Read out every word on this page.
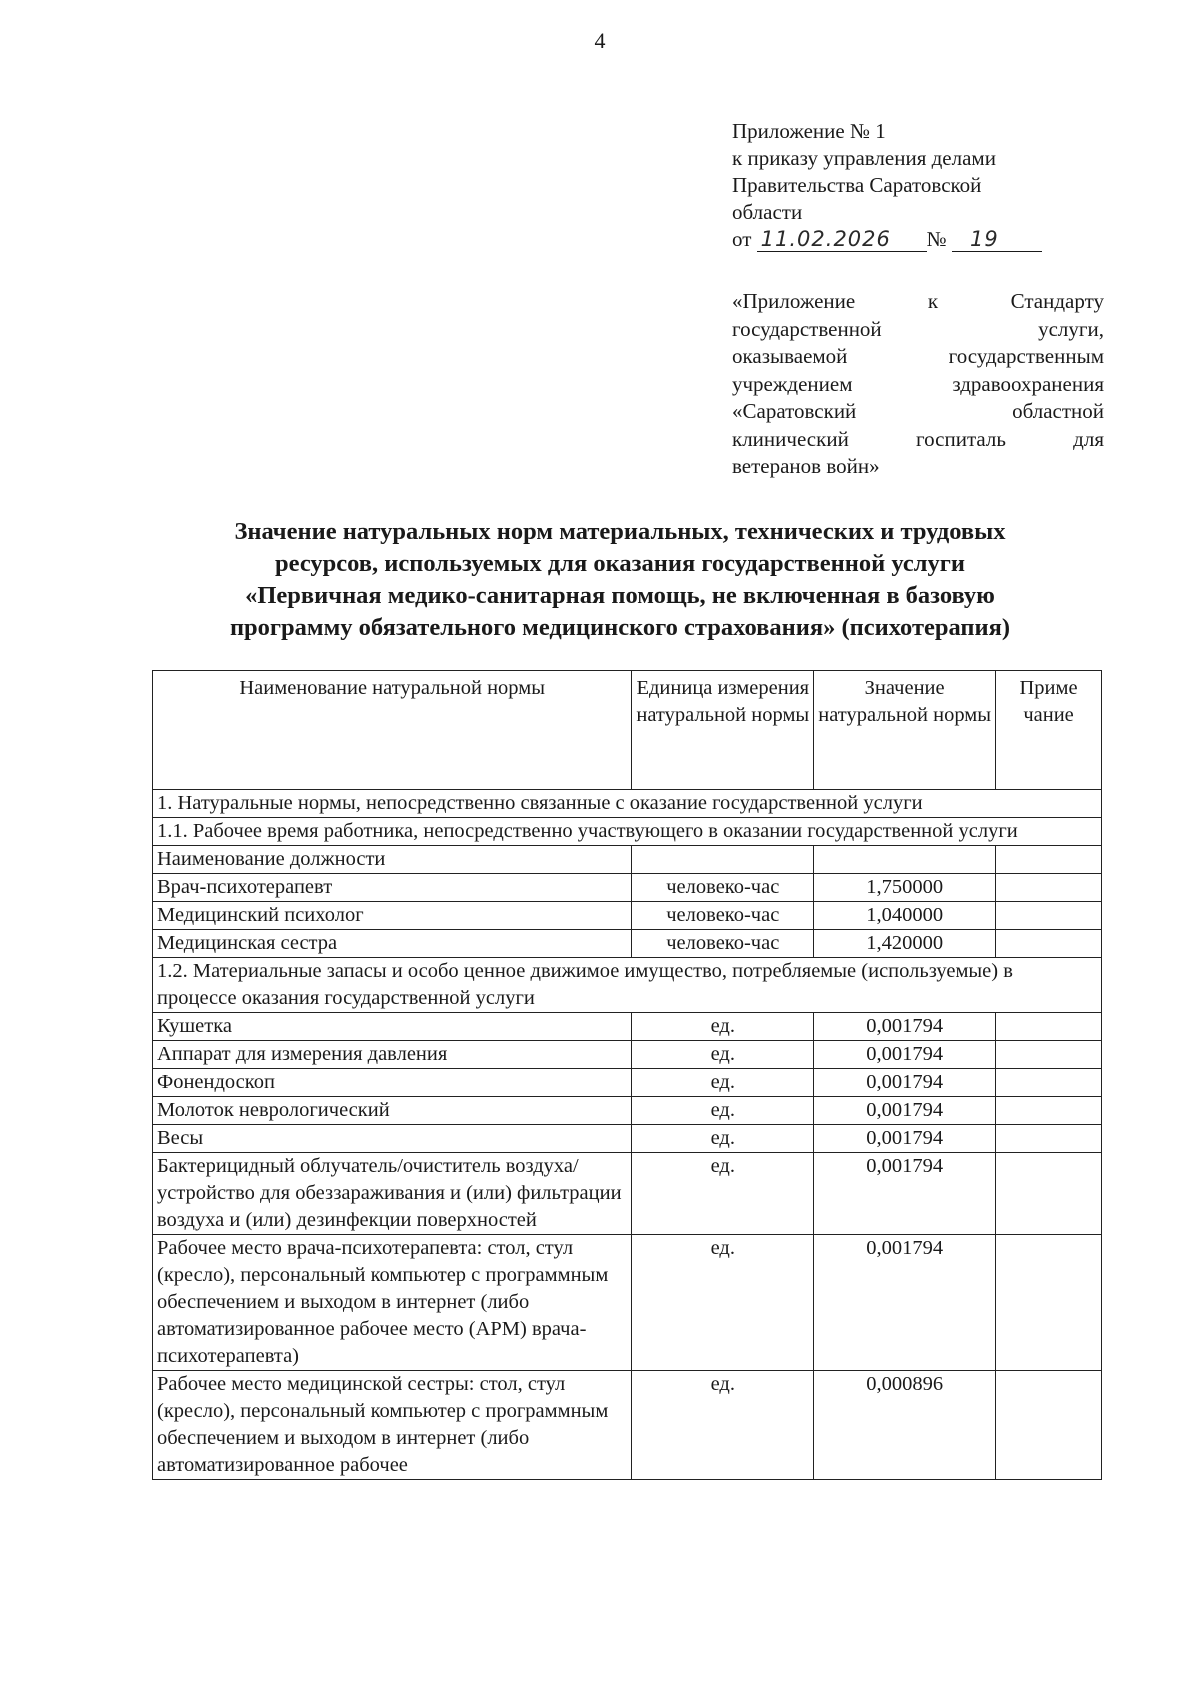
4
Приложение № 1
к приказу управления делами
Правительства Саратовской
области
от 11.02.2026 № 19
«Приложение	к	Стандарту
государственной	услуги,
оказываемой	государственным
учреждением	здравоохранения
«Саратовский	областной
клинический	госпиталь	для
ветеранов войн»
Значение натуральных норм материальных, технических и трудовых
ресурсов, используемых для оказания государственной услуги
«Первичная медико-санитарная помощь, не включенная в базовую
программу обязательного медицинского страхования» (психотерапия)
Наименование натуральной нормы	Единица измерения натуральной нормы	Значение натуральной нормы	Приме чание
1. Натуральные нормы, непосредственно связанные с оказание государственной услуги			
1.1. Рабочее время работника, непосредственно участвующего в оказании государственной услуги			
Наименование должности			
Врач-психотерапевт	человеко-час	1,750000	
Медицинский психолог	человеко-час	1,040000	
Медицинская сестра	человеко-час	1,420000	
1.2. Материальные запасы и особо ценное движимое имущество, потребляемые (используемые) в процессе оказания государственной услуги			
Кушетка	ед.	0,001794	
Аппарат для измерения давления	ед.	0,001794	
Фонендоскоп	ед.	0,001794	
Молоток неврологический	ед.	0,001794	
Весы	ед.	0,001794	
Бактерицидный облучатель/очиститель воздуха/устройство для обеззараживания и (или) фильтрации воздуха и (или) дезинфекции поверхностей	ед.	0,001794	
Рабочее место врача-психотерапевта: стол, стул (кресло), персональный компьютер с программным обеспечением и выходом в интернет (либо автоматизированное рабочее место (АРМ) врача-психотерапевта)	ед.	0,001794	
Рабочее место медицинской сестры: стол, стул (кресло), персональный компьютер с программным обеспечением и выходом в интернет (либо автоматизированное рабочее	ед.	0,000896	
